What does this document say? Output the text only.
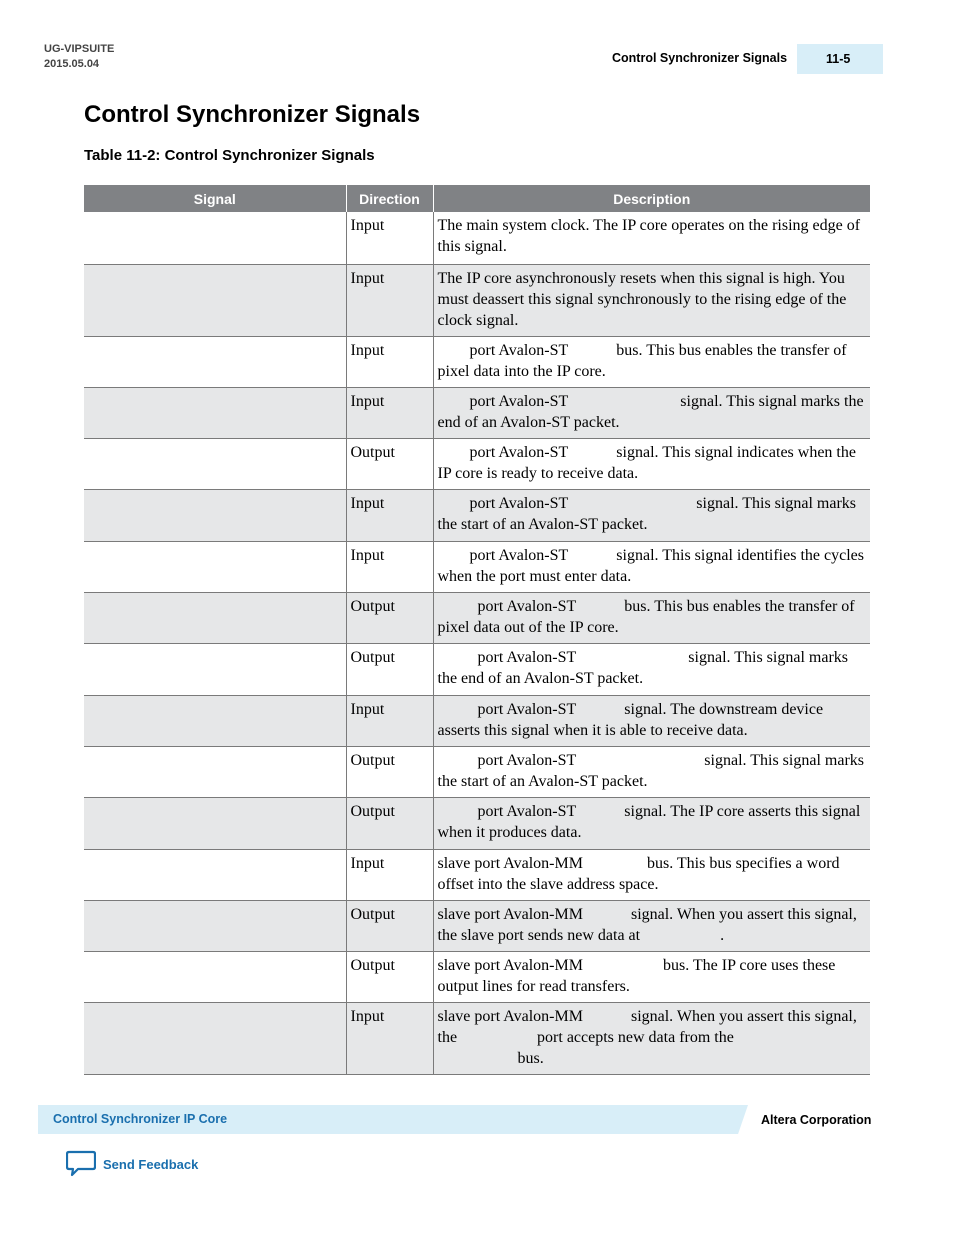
UG-VIPSUITE
2015.05.04	Control Synchronizer Signals	11-5
Control Synchronizer Signals
Table 11-2: Control Synchronizer Signals
Signal	Direction	Description
	Input	The main system clock. The IP core operates on the rising edge of this signal.
	Input	The IP core asynchronously resets when this signal is high. You must deassert this signal synchronously to the rising edge of the clock signal.
	Input	  port Avalon-ST   bus. This bus enables the transfer of pixel data into the IP core.
	Input	  port Avalon-ST       signal. This signal marks the end of an Avalon-ST packet.
	Output	  port Avalon-ST   signal. This signal indicates when the IP core is ready to receive data.
	Input	  port Avalon-ST        signal. This signal marks the start of an Avalon-ST packet.
	Input	  port Avalon-ST   signal. This signal identifies the cycles when the port must enter data.
	Output	   port Avalon-ST   bus. This bus enables the transfer of pixel data out of the IP core.
	Output	   port Avalon-ST       signal. This signal marks the end of an Avalon-ST packet.
	Input	   port Avalon-ST   signal. The downstream device asserts this signal when it is able to receive data.
	Output	   port Avalon-ST        signal. This signal marks the start of an Avalon-ST packet.
	Output	   port Avalon-ST   signal. The IP core asserts this signal when it produces data.
	Input	slave port Avalon-MM    bus. This bus specifies a word offset into the slave address space.
	Output	slave port Avalon-MM   signal. When you assert this signal, the slave port sends new data at     .
	Output	slave port Avalon-MM     bus. The IP core uses these output lines for read transfers.
	Input	slave port Avalon-MM   signal. When you assert this signal, the     port accepts new data from the
     bus.
Control Synchronizer IP Core	Altera Corporation
Send Feedback
